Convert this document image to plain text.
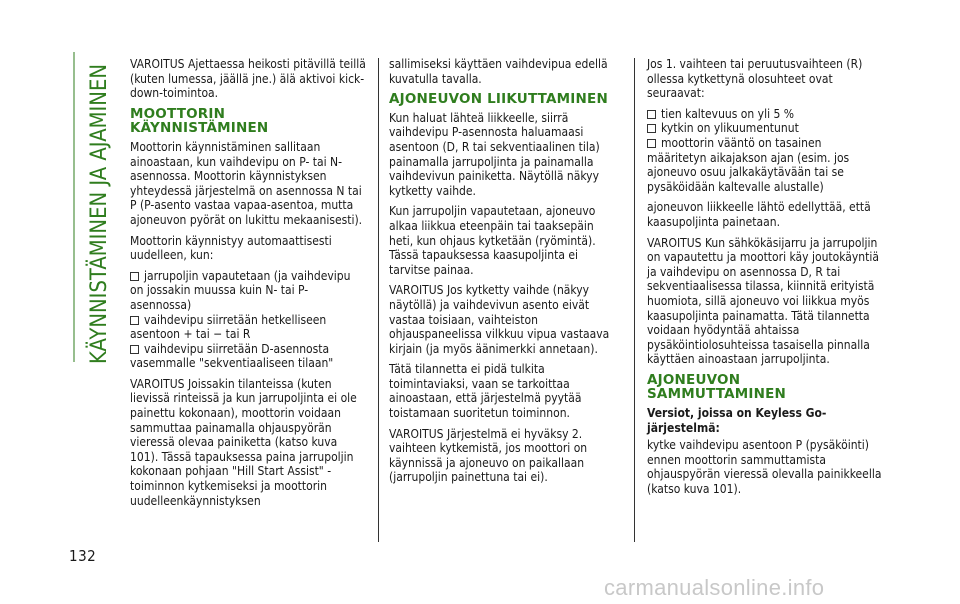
KÄYNNISTÄMINEN JA AJAMINEN
132

VAROITUS Ajettaessa heikosti pitävillä teillä (kuten lumessa, jäällä jne.) älä aktivoi kick-down-toimintoa.

MOOTTORIN KÄYNNISTÄMINEN

Moottorin käynnistäminen sallitaan ainoastaan, kun vaihdevipu on P- tai N-asennossa. Moottorin käynnistyksen yhteydessä järjestelmä on asennossa N tai P (P-asento vastaa vapaa-asentoa, mutta ajoneuvon pyörät on lukittu mekaanisesti).

Moottorin käynnistyy automaattisesti uudelleen, kun:

jarrupoljin vapautetaan (ja vaihdevipu on jossakin muussa kuin N- tai P-asennossa)
vaihdevipu siirretään hetkelliseen asentoon + tai − tai R
vaihdevipu siirretään D-asennosta vasemmalle "sekventiaaliseen tilaan"

VAROITUS Joissakin tilanteissa (kuten lievissä rinteissä ja kun jarrupoljinta ei ole painettu kokonaan), moottorin voidaan sammuttaa painamalla ohjauspyörän vieressä olevaa painiketta (katso kuva 101). Tässä tapauksessa paina jarrupoljin kokonaan pohjaan "Hill Start Assist" -toiminnon kytkemiseksi ja moottorin uudelleenkäynnistyksen

sallimiseksi käyttäen vaihdevipua edellä kuvatulla tavalla.

AJONEUVON LIIKUTTAMINEN

Kun haluat lähteä liikkeelle, siirrä vaihdevipu P-asennosta haluamaasi asentoon (D, R tai sekventiaalinen tila) painamalla jarrupoljinta ja painamalla vaihdevivun painiketta. Näytöllä näkyy kytketty vaihde.

Kun jarrupoljin vapautetaan, ajoneuvo alkaa liikkua eteenpäin tai taaksepäin heti, kun ohjaus kytketään (ryömintä). Tässä tapauksessa kaasupoljinta ei tarvitse painaa.

VAROITUS Jos kytketty vaihde (näkyy näytöllä) ja vaihdevivun asento eivät vastaa toisiaan, vaihteiston ohjauspaneelissa vilkkuu vipua vastaava kirjain (ja myös äänimerkki annetaan).

Tätä tilannetta ei pidä tulkita toimintaviaksi, vaan se tarkoittaa ainoastaan, että järjestelmä pyytää toistamaan suoritetun toiminnon.

VAROITUS Järjestelmä ei hyväksy 2. vaihteen kytkemistä, jos moottori on käynnissä ja ajoneuvo on paikallaan (jarrupoljin painettuna tai ei).

Jos 1. vaihteen tai peruutusvaihteen (R) ollessa kytkettynä olosuhteet ovat seuraavat:

tien kaltevuus on yli 5 %
kytkin on ylikuumentunut
moottorin vääntö on tasainen määritetyn aikajakson ajan (esim. jos ajoneuvo osuu jalkakäytävään tai se pysäköidään kaltevalle alustalle)

ajoneuvon liikkeelle lähtö edellyttää, että kaasupoljinta painetaan.

VAROITUS Kun sähkökäsijarru ja jarrupoljin on vapautettu ja moottori käy joutokäyntiä ja vaihdevipu on asennossa D, R tai sekventiaalisessa tilassa, kiinnitä erityistä huomiota, sillä ajoneuvo voi liikkua myös kaasupoljinta painamatta. Tätä tilannetta voidaan hyödyntää ahtaissa pysäköintiolosuhteissa tasaisella pinnalla käyttäen ainoastaan jarrupoljinta.

AJONEUVON SAMMUTTAMINEN
Versiot, joissa on Keyless Go-järjestelmä:

kytke vaihdevipu asentoon P (pysäköinti) ennen moottorin sammuttamista ohjauspyörän vieressä olevalla painikkeella (katso kuva 101).

carmanualsonline.info
